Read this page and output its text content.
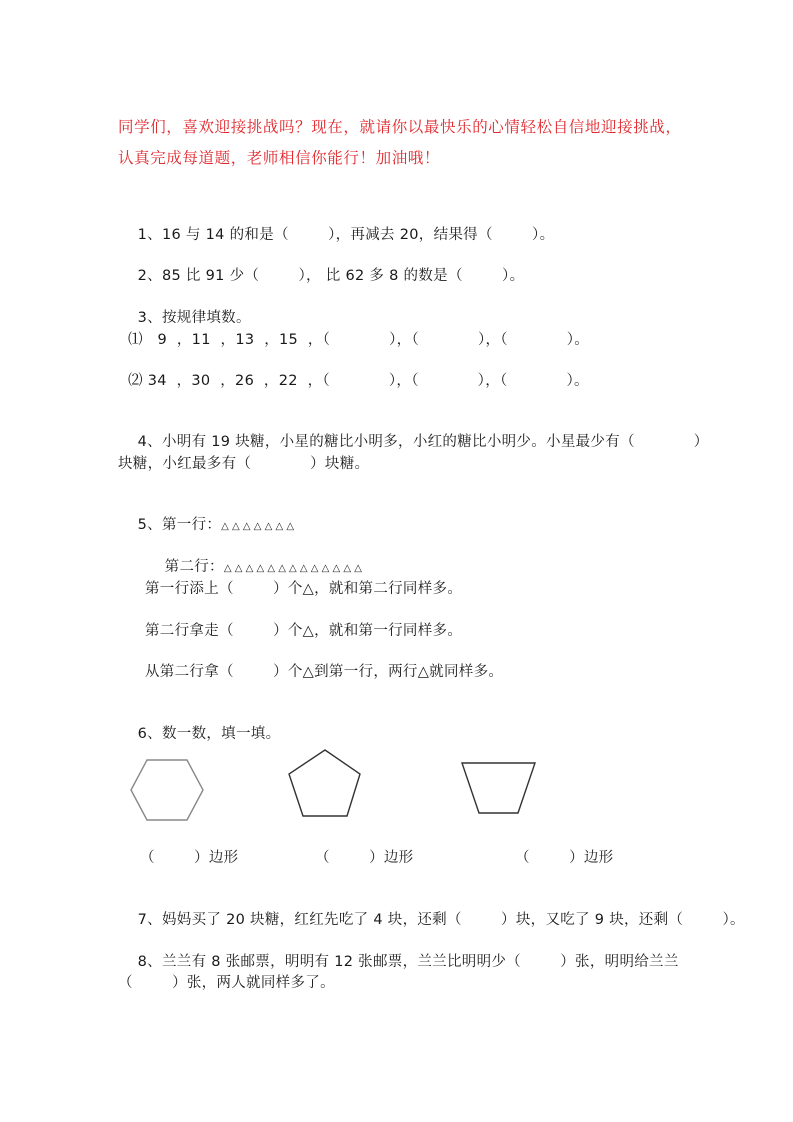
同学们，喜欢迎接挑战吗？现在，就请你以最快乐的心情轻松自信地迎接挑战，
认真完成每道题，老师相信你能行！加油哦！

1、16 与 14 的和是（        ），再减去 20，结果得（        ）。

2、85 比 91 少（        ）， 比 62 多 8 的数是（        ）。

3、按规律填数。

⑴   9  ，11  ，13  ，15  ，（            ），（            ），（            ）。
⑵ 34  ，30  ，26  ，22  ，（            ），（            ），（            ）。

4、小明有 19 块糖，小星的糖比小明多，小红的糖比小明少。小星最少有（            ）

块糖，小红最多有（            ）块糖。

5、第一行：△ △ △ △ △ △ △

第二行：△ △ △ △ △ △ △ △ △ △ △ △ △

第一行添上（        ）个△，就和第二行同样多。
第二行拿走（        ）个△，就和第一行同样多。
从第二行拿（        ）个△到第一行，两行△就同样多。

6、数一数，填一填。

（        ）边形	（        ）边形	（        ）边形

7、妈妈买了 20 块糖，红红先吃了 4 块，还剩（        ）块，又吃了 9 块，还剩（        ）。

8、兰兰有 8 张邮票，明明有 12 张邮票，兰兰比明明少（        ）张，明明给兰兰

（        ）张，两人就同样多了。
